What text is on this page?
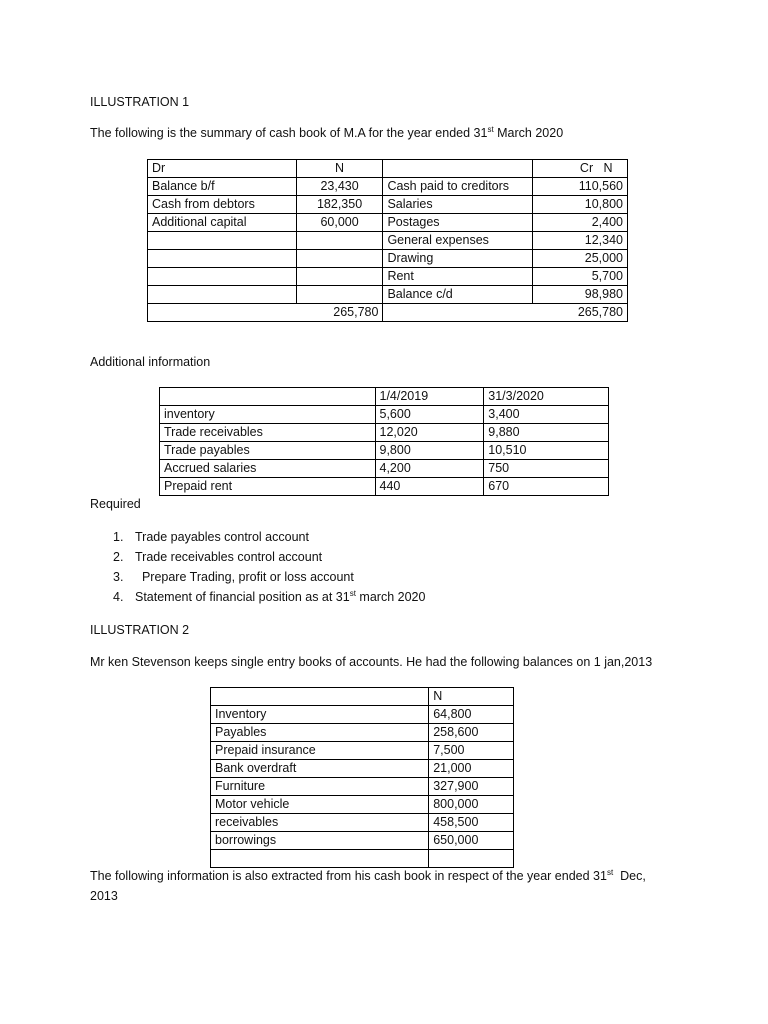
ILLUSTRATION 1
The following is the summary of cash book of M.A for the year ended 31st March 2020
Dr	N		Cr N
Balance b/f	23,430	Cash paid to creditors	110,560
Cash from debtors	182,350	Salaries	10,800
Additional capital	60,000	Postages	2,400
		General expenses	12,340
		Drawing	25,000
		Rent	5,700
		Balance c/d	98,980
265,780		265,780	
Additional information
	1/4/2019	31/3/2020
inventory	5,600	3,400
Trade receivables	12,020	9,880
Trade payables	9,800	10,510
Accrued salaries	4,200	750
Prepaid rent	440	670
Required
1. Trade payables control account
2. Trade receivables control account
3.  Prepare Trading, profit or loss account
4. Statement of financial position as at 31st march 2020
ILLUSTRATION 2
Mr ken Stevenson keeps single entry books of accounts. He had the following balances on 1 jan,2013
	N
Inventory	64,800
Payables	258,600
Prepaid insurance	7,500
Bank overdraft	21,000
Furniture	327,900
Motor vehicle	800,000
receivables	458,500
borrowings	650,000

The following information is also extracted from his cash book in respect of the year ended 31st  Dec,
2013
